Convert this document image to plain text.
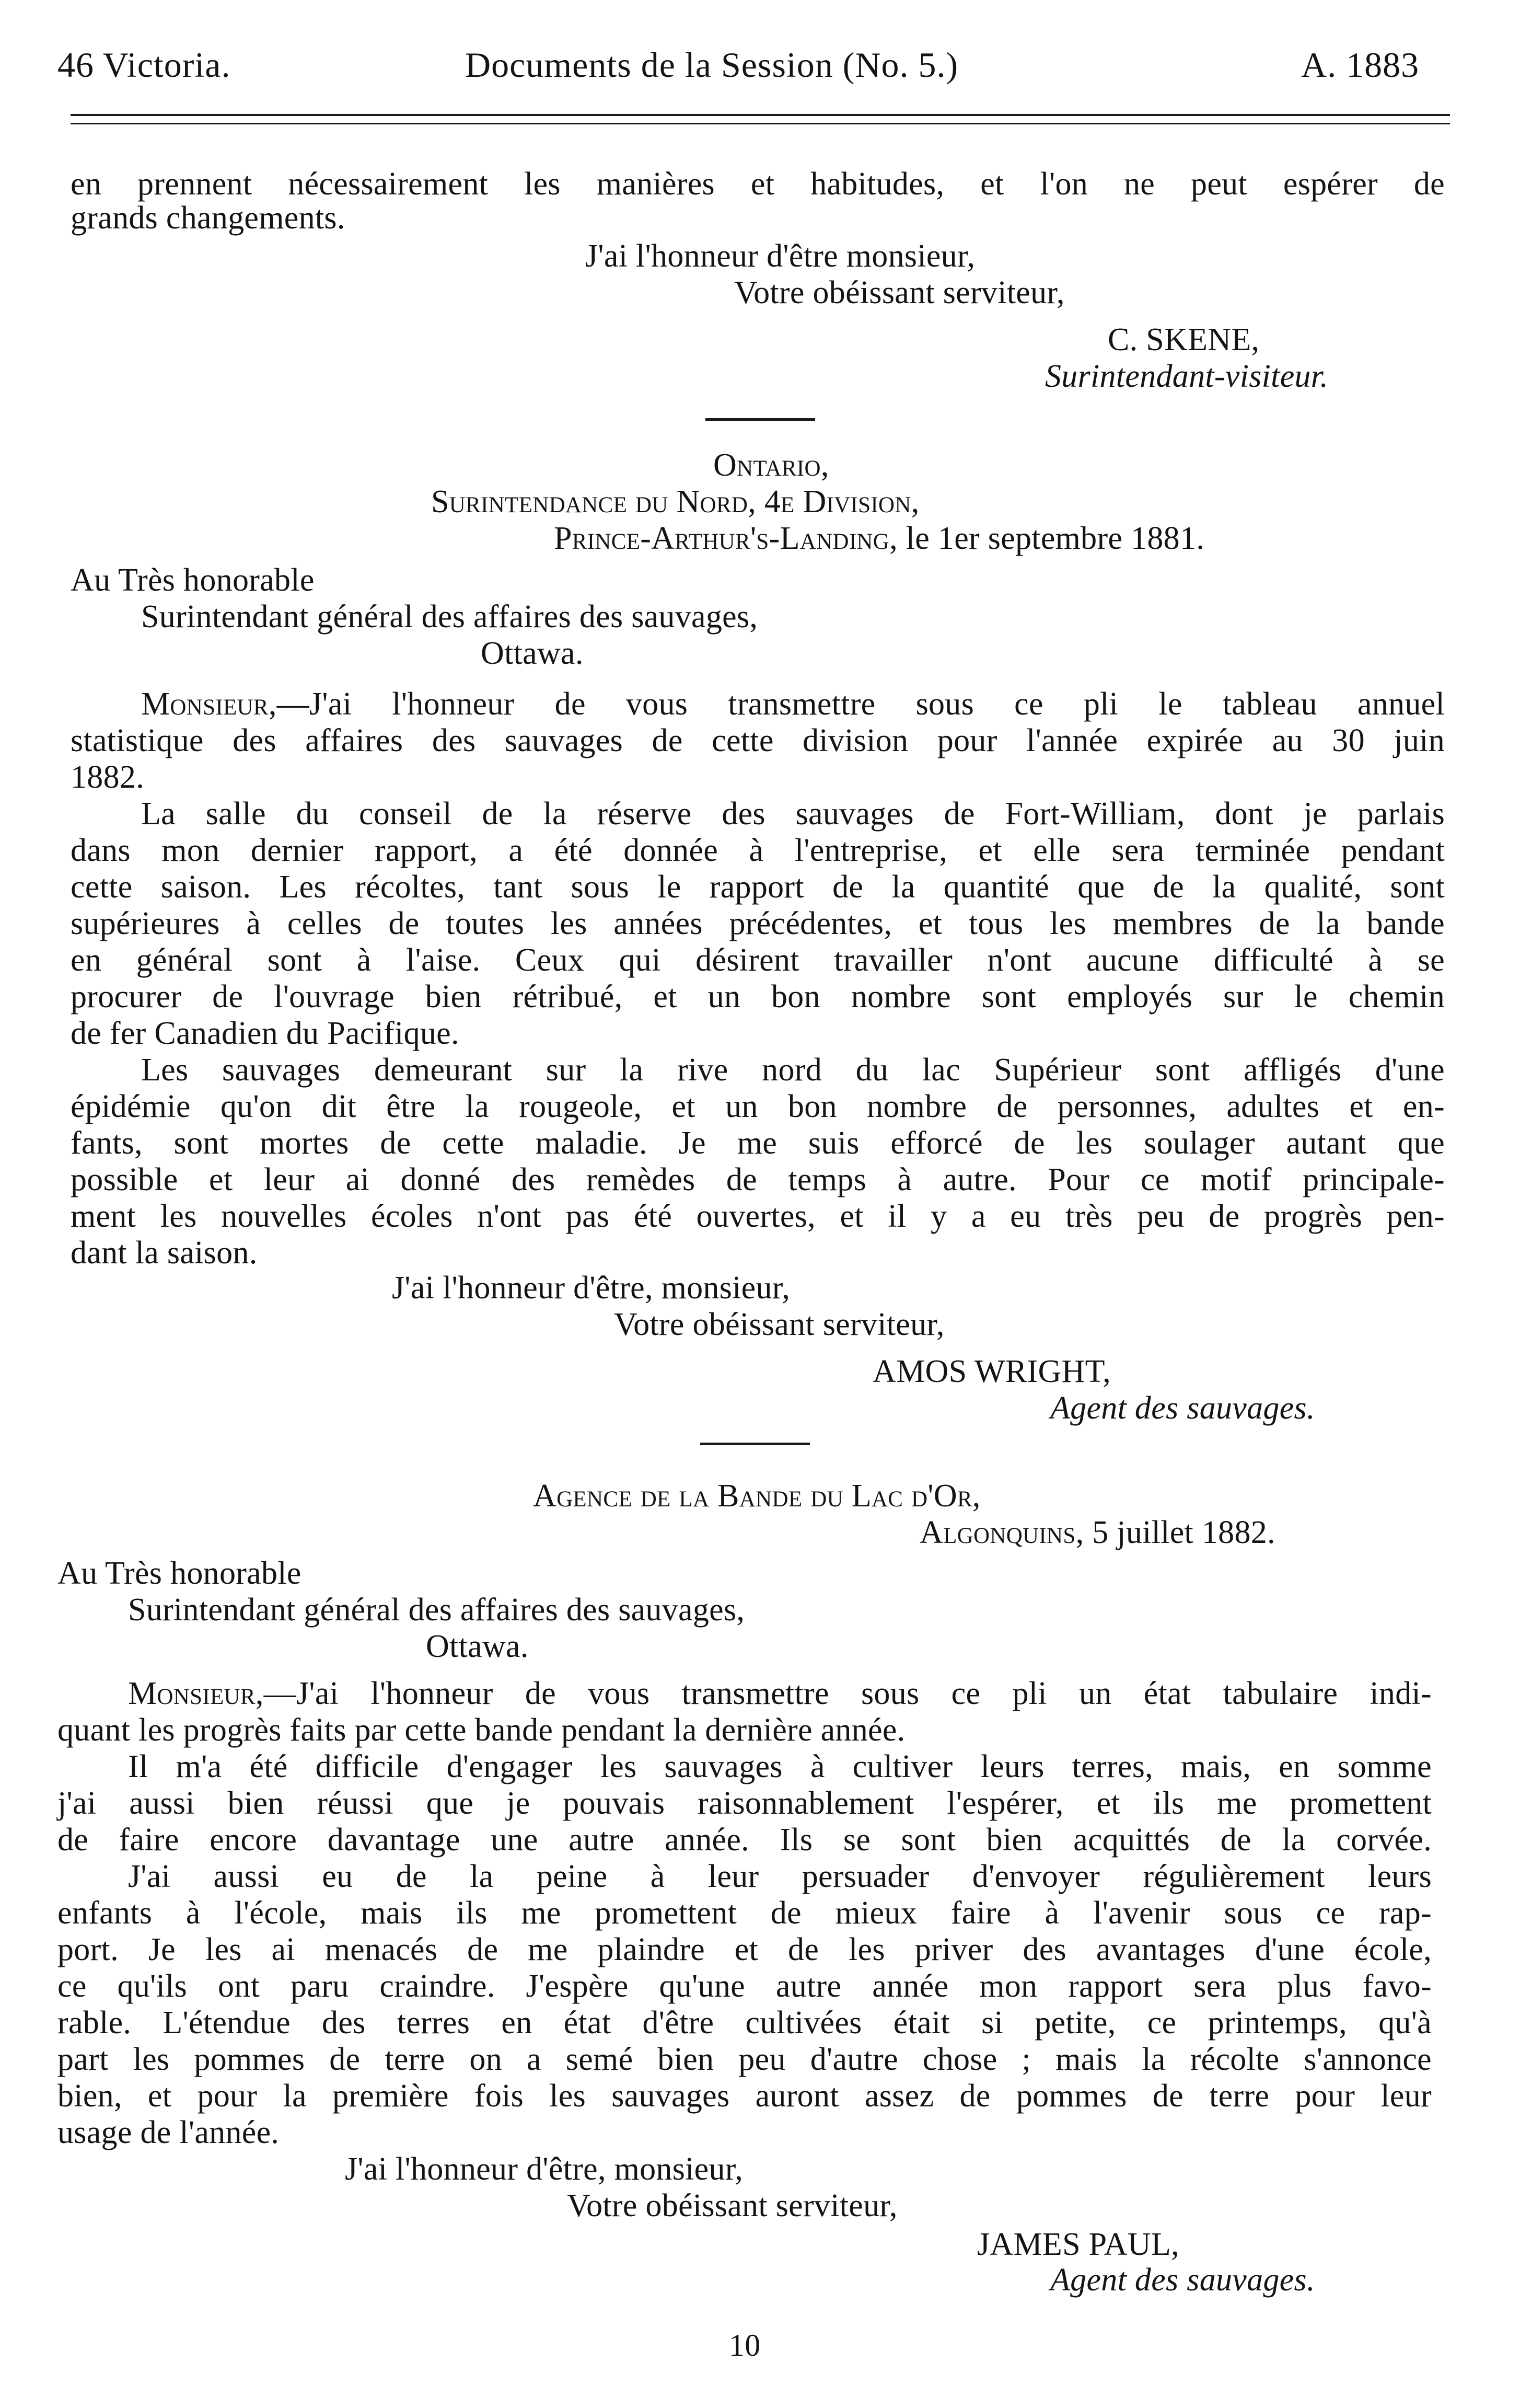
46 Victoria.	Documents de la Session (No. 5.)	A. 1883
en prennent nécessairement les manières et habitudes, et l'on ne peut espérer de
grands changements.
J'ai l'honneur d'être monsieur,
Votre obéissant serviteur,
C. SKENE,
Surintendant-visiteur.
Ontario,
Surintendance du Nord, 4e Division,
Prince-Arthur's-Landing, le 1er septembre 1881.
Au Très honorable
Surintendant général des affaires des sauvages,
Ottawa.
Monsieur,—J'ai l'honneur de vous transmettre sous ce pli le tableau annuel
statistique des affaires des sauvages de cette division pour l'année expirée au 30 juin
1882.
La salle du conseil de la réserve des sauvages de Fort-William, dont je parlais
dans mon dernier rapport, a été donnée à l'entreprise, et elle sera terminée pendant
cette saison. Les récoltes, tant sous le rapport de la quantité que de la qualité, sont
supérieures à celles de toutes les années précédentes, et tous les membres de la bande
en général sont à l'aise. Ceux qui désirent travailler n'ont aucune difficulté à se
procurer de l'ouvrage bien rétribué, et un bon nombre sont employés sur le chemin
de fer Canadien du Pacifique.
Les sauvages demeurant sur la rive nord du lac Supérieur sont affligés d'une
épidémie qu'on dit être la rougeole, et un bon nombre de personnes, adultes et en-
fants, sont mortes de cette maladie. Je me suis efforcé de les soulager autant que
possible et leur ai donné des remèdes de temps à autre. Pour ce motif principale-
ment les nouvelles écoles n'ont pas été ouvertes, et il y a eu très peu de progrès pen-
dant la saison.
J'ai l'honneur d'être, monsieur,
Votre obéissant serviteur,
AMOS WRIGHT,
Agent des sauvages.
Agence de la Bande du Lac d'Or,
Algonquins, 5 juillet 1882.
Au Très honorable
Surintendant général des affaires des sauvages,
Ottawa.
Monsieur,—J'ai l'honneur de vous transmettre sous ce pli un état tabulaire indi-
quant les progrès faits par cette bande pendant la dernière année.
Il m'a été difficile d'engager les sauvages à cultiver leurs terres, mais, en somme
j'ai aussi bien réussi que je pouvais raisonnablement l'espérer, et ils me promettent
de faire encore davantage une autre année. Ils se sont bien acquittés de la corvée.
J'ai aussi eu de la peine à leur persuader d'envoyer régulièrement leurs
enfants à l'école, mais ils me promettent de mieux faire à l'avenir sous ce rap-
port. Je les ai menacés de me plaindre et de les priver des avantages d'une école,
ce qu'ils ont paru craindre. J'espère qu'une autre année mon rapport sera plus favo-
rable. L'étendue des terres en état d'être cultivées était si petite, ce printemps, qu'à
part les pommes de terre on a semé bien peu d'autre chose ; mais la récolte s'annonce
bien, et pour la première fois les sauvages auront assez de pommes de terre pour leur
usage de l'année.
J'ai l'honneur d'être, monsieur,
Votre obéissant serviteur,
JAMES PAUL,
Agent des sauvages.
10
